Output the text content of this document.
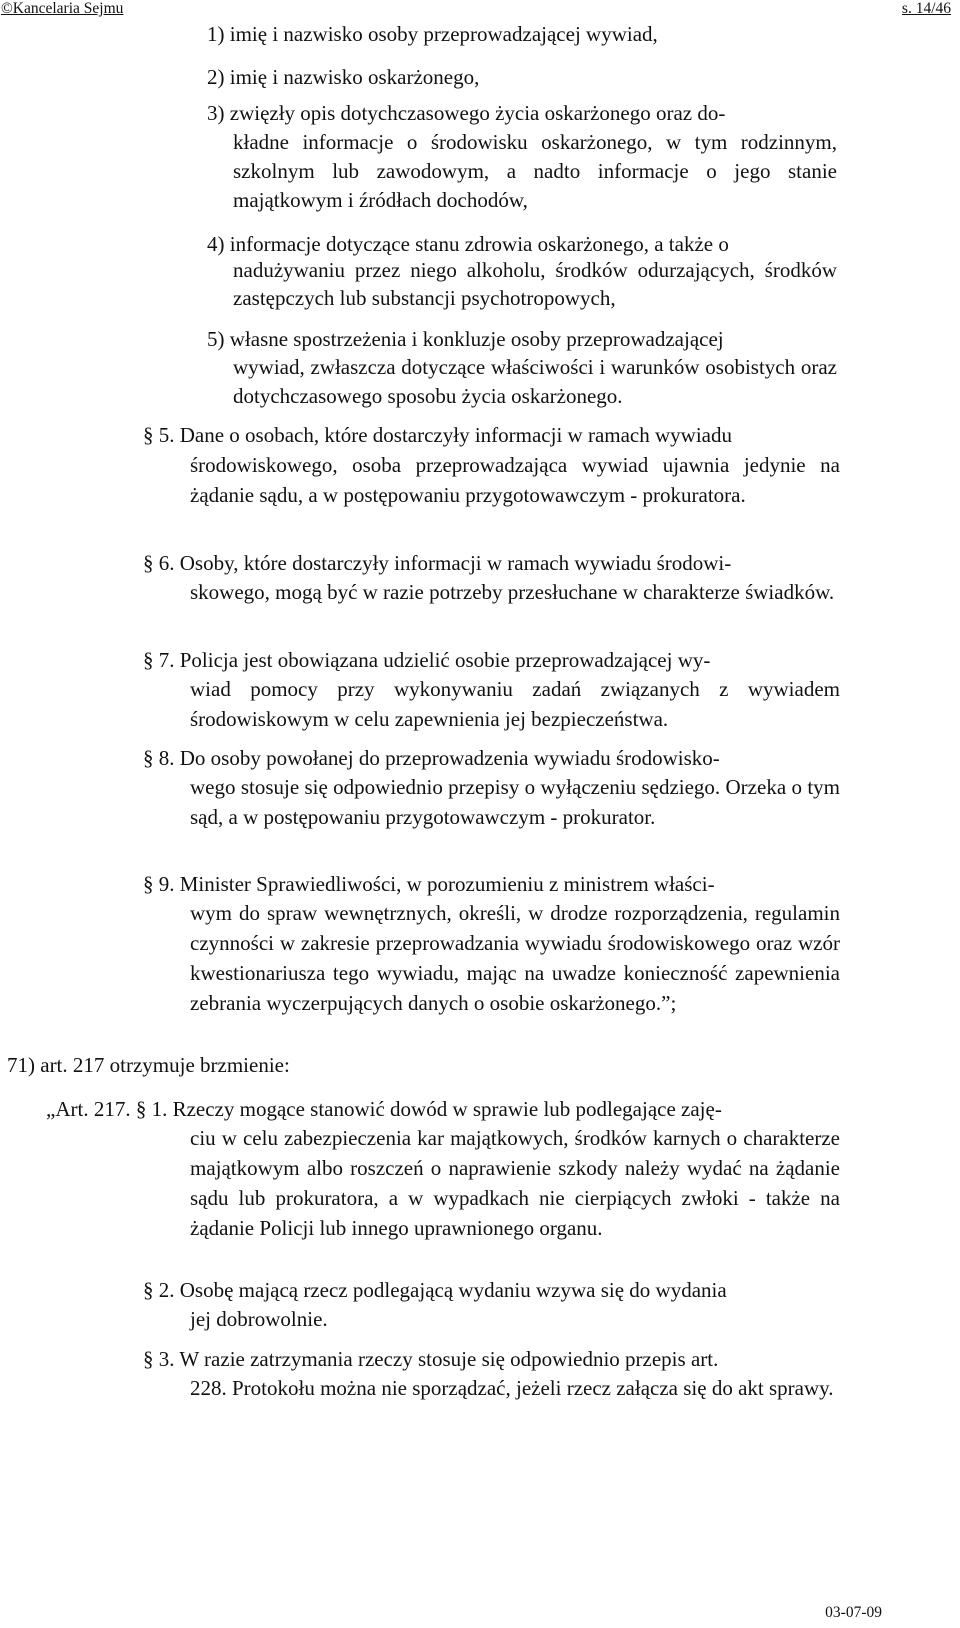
©Kancelaria Sejmu	s. 14/46

1) imię i nazwisko osoby przeprowadzającej wywiad,

2) imię i nazwisko oskarżonego,

3) zwięzły opis dotychczasowego życia oskarżonego oraz do-

kładne informacje o środowisku oskarżonego, w tym rodzinnym, szkolnym lub zawodowym, a nadto informacje o jego stanie majątkowym i źródłach dochodów,

4) informacje dotyczące stanu zdrowia oskarżonego, a także o

nadużywaniu przez niego alkoholu, środków odurzających, środków zastępczych lub substancji psychotropowych,

5) własne spostrzeżenia i konkluzje osoby przeprowadzającej

wywiad, zwłaszcza dotyczące właściwości i warunków osobistych oraz dotychczasowego sposobu życia oskarżonego.

§ 5. Dane o osobach, które dostarczyły informacji w ramach wywiadu

środowiskowego, osoba przeprowadzająca wywiad ujawnia jedynie na żądanie sądu, a w postępowaniu przygotowawczym - prokuratora.

§ 6. Osoby, które dostarczyły informacji w ramach wywiadu środowi-

skowego, mogą być w razie potrzeby przesłuchane w charakterze świadków.

§ 7. Policja jest obowiązana udzielić osobie przeprowadzającej wy-

wiad pomocy przy wykonywaniu zadań związanych z wywiadem środowiskowym w celu zapewnienia jej bezpieczeństwa.

§ 8. Do osoby powołanej do przeprowadzenia wywiadu środowisko-

wego stosuje się odpowiednio przepisy o wyłączeniu sędziego. Orzeka o tym sąd, a w postępowaniu przygotowawczym - prokurator.

§ 9. Minister Sprawiedliwości, w porozumieniu z ministrem właści-

wym do spraw wewnętrznych, określi, w drodze rozporządzenia, regulamin czynności w zakresie przeprowadzania wywiadu środowiskowego oraz wzór kwestionariusza tego wywiadu, mając na uwadze konieczność zapewnienia zebrania wyczerpujących danych o osobie oskarżonego.”;

71) art. 217 otrzymuje brzmienie:

„Art. 217. § 1. Rzeczy mogące stanowić dowód w sprawie lub podlegające zaję-

ciu w celu zabezpieczenia kar majątkowych, środków karnych o charakterze majątkowym albo roszczeń o naprawienie szkody należy wydać na żądanie sądu lub prokuratora, a w wypadkach nie cierpiących zwłoki - także na żądanie Policji lub innego uprawnionego organu.

§ 2. Osobę mającą rzecz podlegającą wydaniu wzywa się do wydania

jej dobrowolnie.

§ 3. W razie zatrzymania rzeczy stosuje się odpowiednio przepis art.

228. Protokołu można nie sporządzać, jeżeli rzecz załącza się do akt sprawy.

03-07-09
